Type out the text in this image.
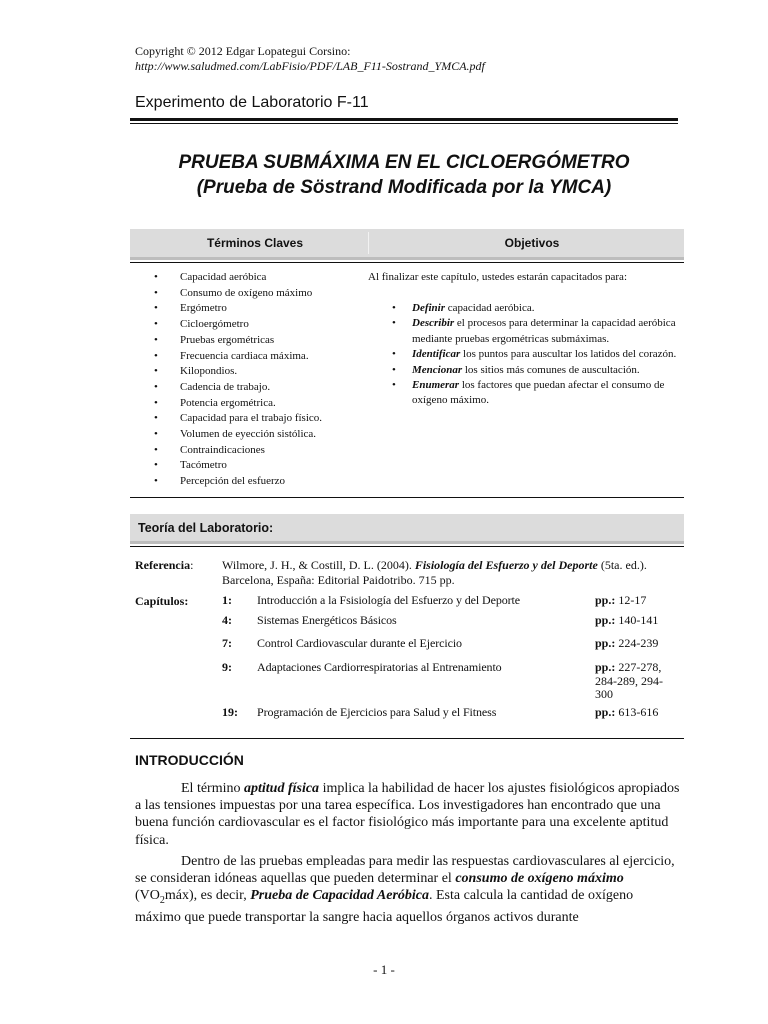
Copyright © 2012 Edgar Lopategui Corsino:
http://www.saludmed.com/LabFisio/PDF/LAB_F11-Sostrand_YMCA.pdf
Experimento de Laboratorio F-11
PRUEBA SUBMÁXIMA EN EL CICLOERGÓMETRO
(Prueba de Söstrand Modificada por la YMCA)
Términos Claves	Objetivos
• Capacidad aeróbica
• Consumo de oxígeno máximo
• Ergómetro
• Cicloergómetro
• Pruebas ergométricas
• Frecuencia cardiaca máxima.
• Kilopondios.
• Cadencia de trabajo.
• Potencia ergométrica.
• Capacidad para el trabajo físico.
• Volumen de eyección sistólica.
• Contraindicaciones
• Tacómetro
• Percepción del esfuerzo
Al finalizar este capítulo, ustedes estarán capacitados para:
• Definir capacidad aeróbica.
• Describir el procesos para determinar la capacidad aeróbica mediante pruebas ergométricas submáximas.
• Identificar los puntos para auscultar los latidos del corazón.
• Mencionar los sitios más comunes de auscultación.
• Enumerar los factores que puedan afectar el consumo de oxígeno máximo.
Teoría del Laboratorio:
Referencia: Wilmore, J. H., & Costill, D. L. (2004). Fisiología del Esfuerzo y del Deporte (5ta. ed.). Barcelona, España: Editorial Paidotribo. 715 pp.
Capítulos:	1: Introducción a la Fsisiología del Esfuerzo y del Deporte	pp.: 12-17
4: Sistemas Energéticos Básicos	pp.: 140-141
7: Control Cardiovascular durante el Ejercicio	pp.: 224-239
9: Adaptaciones Cardiorrespiratorias al Entrenamiento	pp.: 227-278, 284-289, 294-300
19: Programación de Ejercicios para Salud y el Fitness	pp.: 613-616
INTRODUCCIÓN

El término aptitud física implica la habilidad de hacer los ajustes fisiológicos apropiados a las tensiones impuestas por una tarea específica. Los investigadores han encontrado que una buena función cardiovascular es el factor fisiológico más importante para una excelente aptitud física.

Dentro de las pruebas empleadas para medir las respuestas cardiovasculares al ejercicio, se consideran idóneas aquellas que pueden determinar el consumo de oxígeno máximo $(VO_2máx)$, es decir, Prueba de Capacidad Aeróbica. Esta calcula la cantidad de oxígeno máximo que puede transportar la sangre hacia aquellos órganos activos durante

- 1 -
